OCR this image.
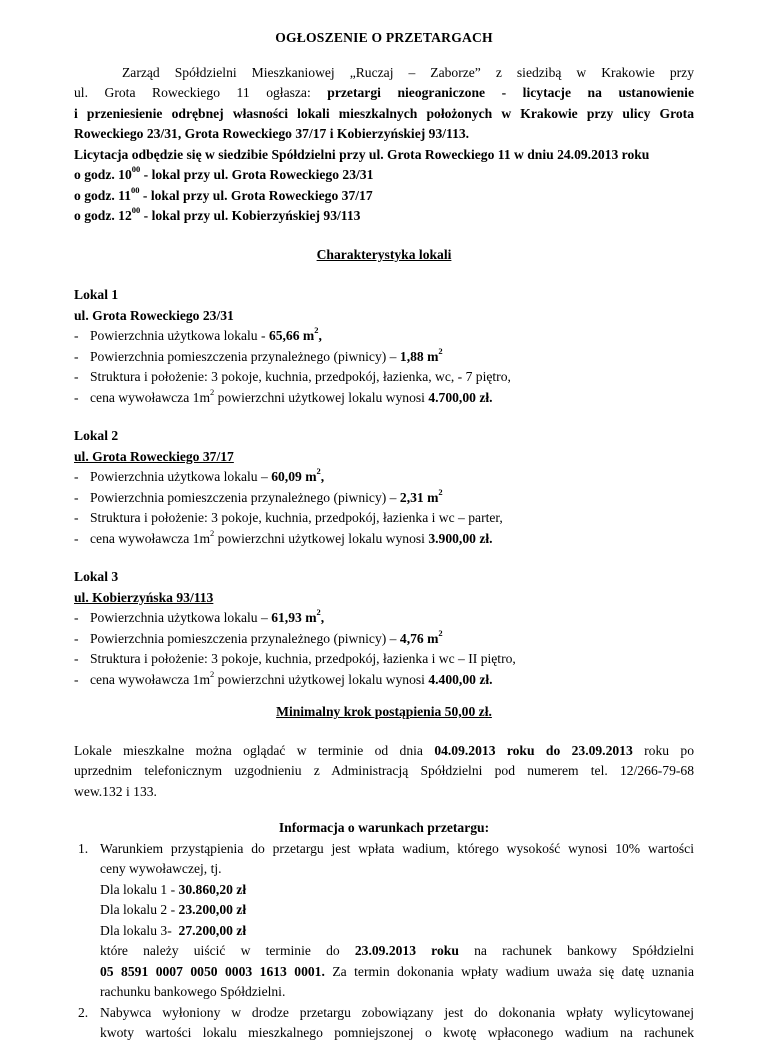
OGŁOSZENIE O PRZETARGACH
Zarząd Spółdzielni Mieszkaniowej „Ruczaj – Zaborze” z siedzibą w Krakowie przy
ul. Grota Roweckiego 11 ogłasza: przetargi nieograniczone - licytacje na ustanowienie
i przeniesienie odrębnej własności lokali mieszkalnych położonych w Krakowie przy ulicy Grota
Roweckiego 23/31, Grota Roweckiego 37/17 i Kobierzyńskiej 93/113.
Licytacja odbędzie się w siedzibie Spółdzielni przy ul. Grota Roweckiego 11 w dniu 24.09.2013 roku
o godz. $10^{00}$ - lokal przy ul. Grota Roweckiego 23/31
o godz. $11^{00}$ - lokal przy ul. Grota Roweckiego 37/17
o godz. $12^{00}$ - lokal przy ul. Kobierzyńskiej 93/113
Charakterystyka lokali
Lokal 1
ul. Grota Roweckiego 23/31
- Powierzchnia użytkowa lokalu - 65,66 $m^2$,
- Powierzchnia pomieszczenia przynależnego (piwnicy) – 1,88 $m^2$
- Struktura i położenie: 3 pokoje, kuchnia, przedpokój, łazienka, wc, - 7 piętro,
- cena wywoławcza $1m^2$ powierzchni użytkowej lokalu wynosi 4.700,00 zł.
Lokal 2
ul. Grota Roweckiego 37/17
- Powierzchnia użytkowa lokalu – 60,09 $m^2$,
- Powierzchnia pomieszczenia przynależnego (piwnicy) – 2,31 $m^2$
- Struktura i położenie: 3 pokoje, kuchnia, przedpokój, łazienka i wc – parter,
- cena wywoławcza $1m^2$ powierzchni użytkowej lokalu wynosi 3.900,00 zł.
Lokal 3
ul. Kobierzyńska 93/113
- Powierzchnia użytkowa lokalu – 61,93 $m^2$,
- Powierzchnia pomieszczenia przynależnego (piwnicy) – 4,76 $m^2$
- Struktura i położenie: 3 pokoje, kuchnia, przedpokój, łazienka i wc – II piętro,
- cena wywoławcza $1m^2$ powierzchni użytkowej lokalu wynosi 4.400,00 zł.
Minimalny krok postąpienia 50,00 zł.
Lokale mieszkalne można oglądać w terminie od dnia 04.09.2013 roku do 23.09.2013 roku po
uprzednim telefonicznym uzgodnieniu z Administracją Spółdzielni pod numerem tel. 12/266-79-68
wew.132 i 133.
Informacja o warunkach przetargu:
1. Warunkiem przystąpienia do przetargu jest wpłata wadium, którego wysokość wynosi 10% wartości
ceny wywoławczej, tj.
Dla lokalu 1 - 30.860,20 zł
Dla lokalu 2 - 23.200,00 zł
Dla lokalu 3-  27.200,00 zł
które należy uiścić w terminie do 23.09.2013 roku na rachunek bankowy Spółdzielni
05 8591 0007 0050 0003 1613 0001. Za termin dokonania wpłaty wadium uważa się datę uznania
rachunku bankowego Spółdzielni.
2. Nabywca wyłoniony w drodze przetargu zobowiązany jest do dokonania wpłaty wylicytowanej
kwoty wartości lokalu mieszkalnego pomniejszonej o kwotę wpłaconego wadium na rachunek
